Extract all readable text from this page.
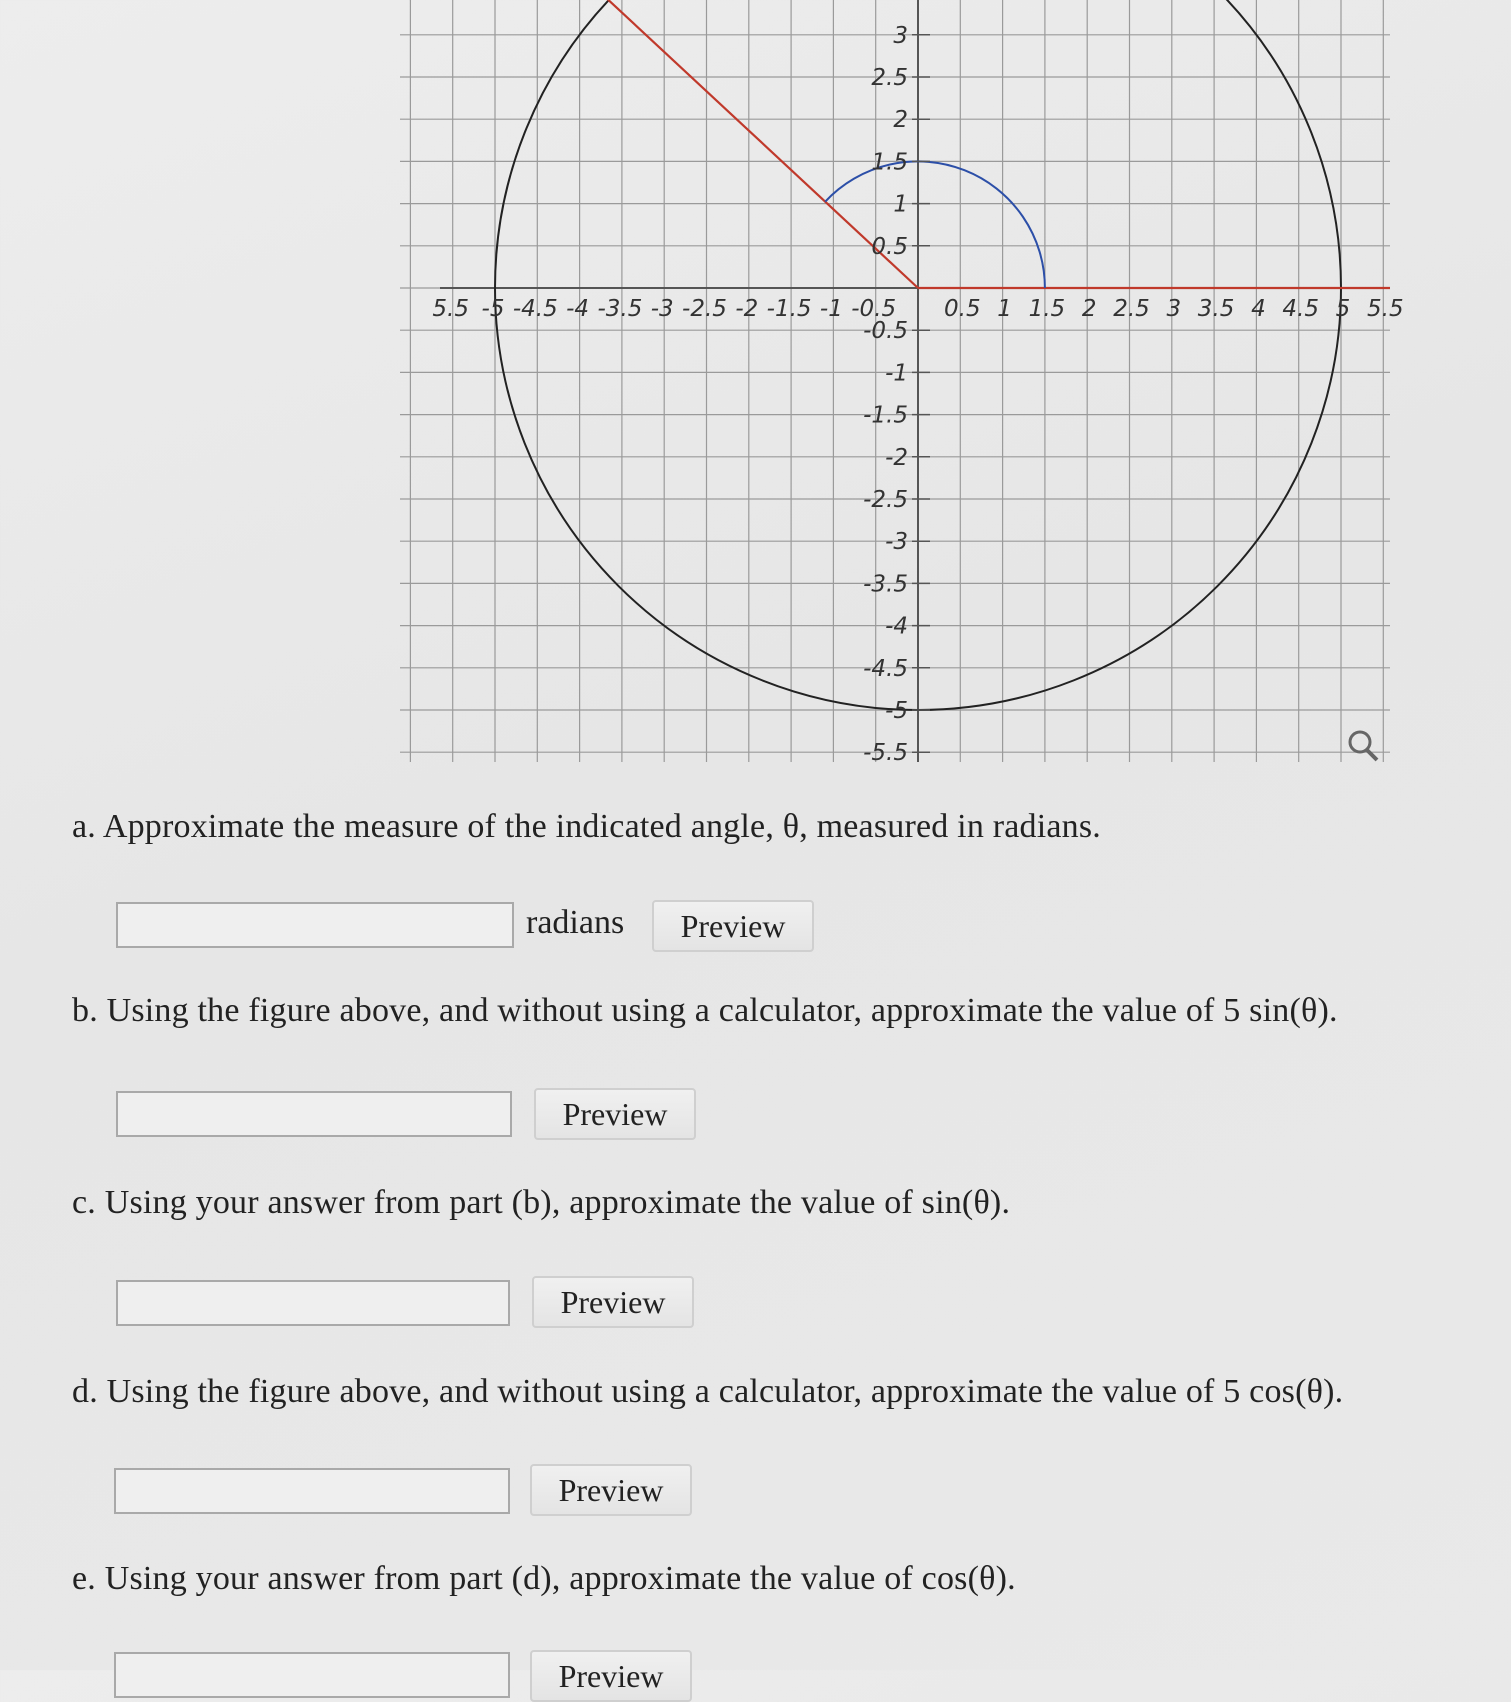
5.5 -5 -4.5 -4 -3.5 -3 -2.5 -2 -1.5 -1 -0.5 0.5 1 1.5 2 2.5 3 3.5 4 4.5 5 5.5
3
2.5
2
1.5
1
0.5
-0.5
-1
-1.5
-2
-2.5
-3
-3.5
-4
-4.5
-5
-5.5
a. Approximate the measure of the indicated angle, θ, measured in radians.
radians	Preview
b. Using the figure above, and without using a calculator, approximate the value of 5 sin(θ).
Preview
c. Using your answer from part (b), approximate the value of sin(θ).
Preview
d. Using the figure above, and without using a calculator, approximate the value of 5 cos(θ).
Preview
e. Using your answer from part (d), approximate the value of cos(θ).
Preview
